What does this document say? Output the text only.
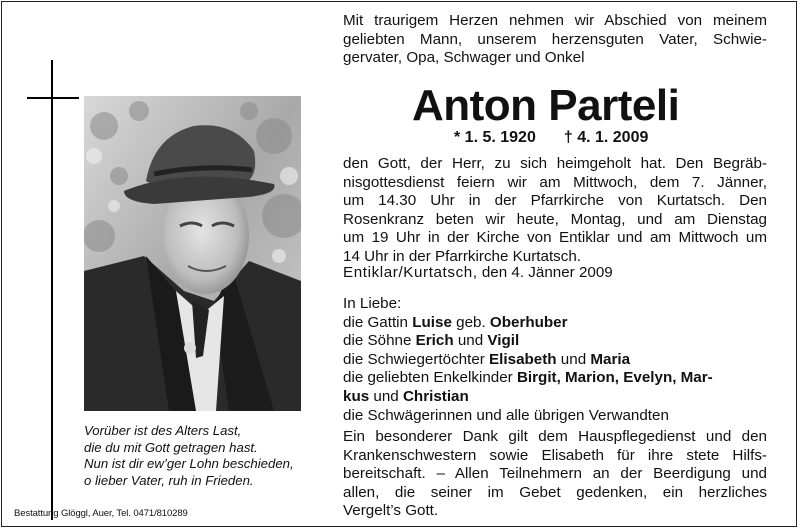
Vorüber ist des Alters Last,
die du mit Gott getragen hast.
Nun ist dir ew’ger Lohn beschieden,
o lieber Vater, ruh in Frieden.
Bestattung Glöggl, Auer, Tel. 0471/810289
Mit traurigem Herzen nehmen wir Abschied von meinem
geliebten Mann, unserem herzensguten Vater, Schwie-
gervater, Opa, Schwager und Onkel
Anton Parteli
* 1. 5. 1920 † 4. 1. 2009
den Gott, der Herr, zu sich heimgeholt hat. Den Begräb-
nisgottesdienst feiern wir am Mittwoch, dem 7. Jänner,
um 14.30 Uhr in der Pfarrkirche von Kurtatsch. Den
Rosenkranz beten wir heute, Montag, und am Dienstag
um 19 Uhr in der Kirche von Entiklar und am Mittwoch um
14 Uhr in der Pfarrkirche Kurtatsch.
Entiklar/Kurtatsch, den 4. Jänner 2009
In Liebe:
die Gattin Luise geb. Oberhuber
die Söhne Erich und Vigil
die Schwiegertöchter Elisabeth und Maria
die geliebten Enkelkinder Birgit, Marion, Evelyn, Mar-
kus und Christian
die Schwägerinnen und alle übrigen Verwandten
Ein besonderer Dank gilt dem Hauspflegedienst und den
Krankenschwestern sowie Elisabeth für ihre stete Hilfs-
bereitschaft. – Allen Teilnehmern an der Beerdigung und
allen, die seiner im Gebet gedenken, ein herzliches
Vergelt’s Gott.
